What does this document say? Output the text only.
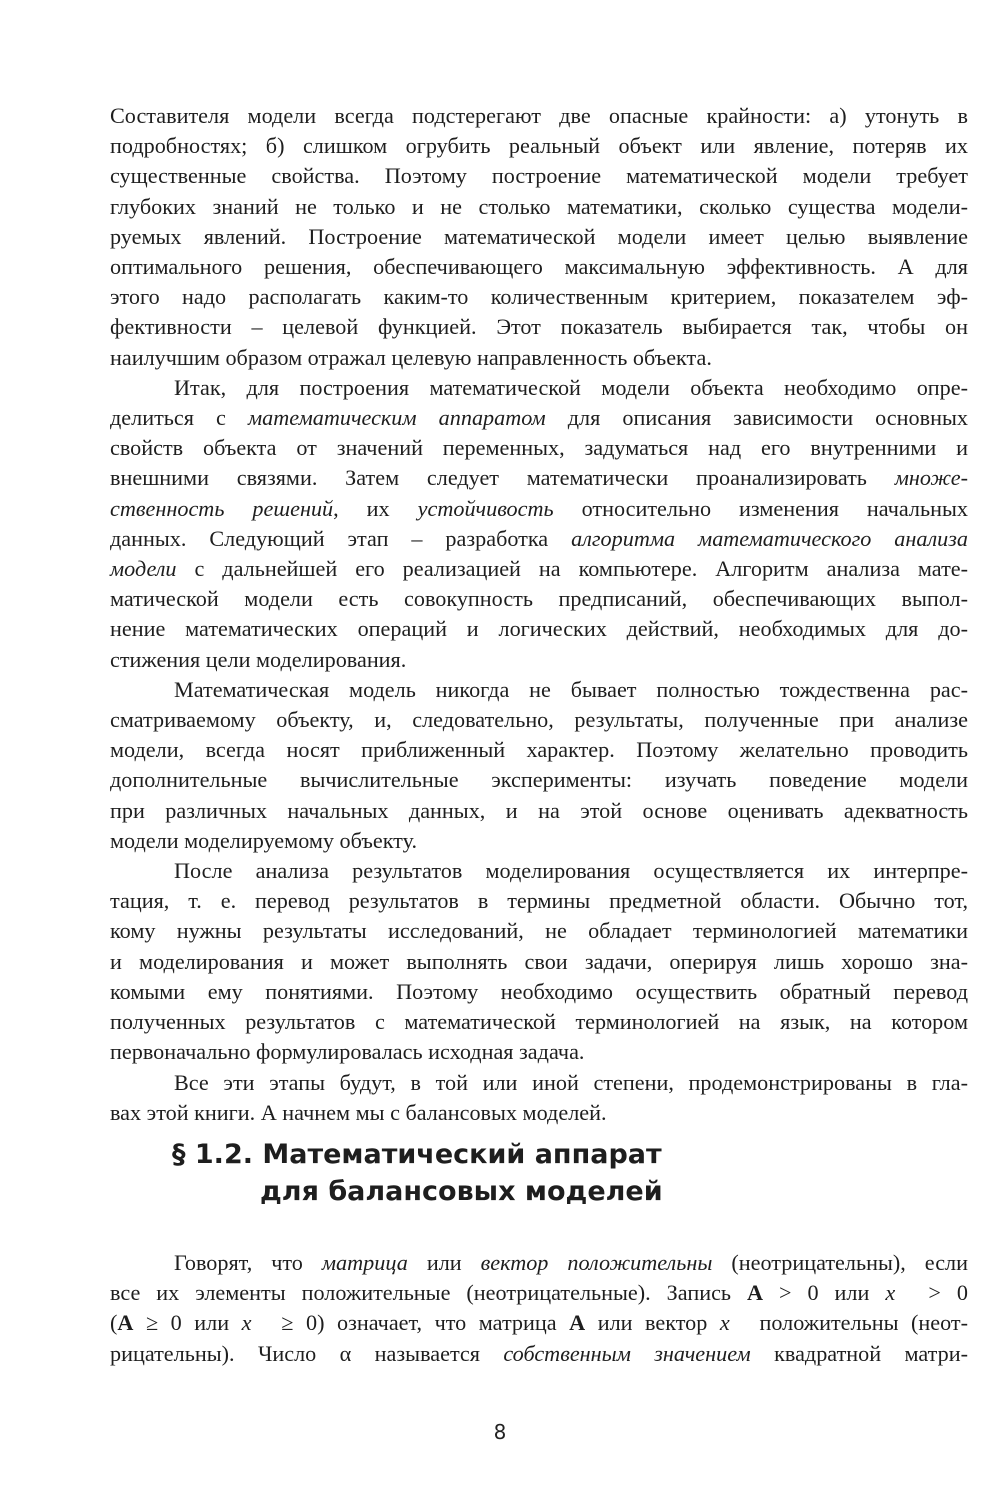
Составителя модели всегда подстерегают две опасные крайности: а) утонуть в
подробностях; б) слишком огрубить реальный объект или явление, потеряв их
существенные свойства. Поэтому построение математической модели требует
глубоких знаний не только и не столько математики, сколько существа модели-
руемых явлений. Построение математической модели имеет целью выявление
оптимального решения, обеспечивающего максимальную эффективность. А для
этого надо располагать каким-то количественным критерием, показателем эф-
фективности – целевой функцией. Этот показатель выбирается так, чтобы он
наилучшим образом отражал целевую направленность объекта.

Итак, для построения математической модели объекта необходимо опре-
делиться с математическим аппаратом для описания зависимости основных
свойств объекта от значений переменных, задуматься над его внутренними и
внешними связями. Затем следует математически проанализировать множе-
ственность решений, их устойчивость относительно изменения начальных
данных. Следующий этап – разработка алгоритма математического анализа
модели с дальнейшей его реализацией на компьютере. Алгоритм анализа мате-
матической модели есть совокупность предписаний, обеспечивающих выпол-
нение математических операций и логических действий, необходимых для до-
стижения цели моделирования.

Математическая модель никогда не бывает полностью тождественна рас-
сматриваемому объекту, и, следовательно, результаты, полученные при анализе
модели, всегда носят приближенный характер. Поэтому желательно проводить
дополнительные вычислительные эксперименты: изучать поведение модели
при различных начальных данных, и на этой основе оценивать адекватность
модели моделируемому объекту.

После анализа результатов моделирования осуществляется их интерпре-
тация, т. е. перевод результатов в термины предметной области. Обычно тот,
кому нужны результаты исследований, не обладает терминологией математики
и моделирования и может выполнять свои задачи, оперируя лишь хорошо зна-
комыми ему понятиями. Поэтому необходимо осуществить обратный перевод
полученных результатов с математической терминологией на язык, на котором
первоначально формулировалась исходная задача.

Все эти этапы будут, в той или иной степени, продемонстрированы в гла-
вах этой книги. А начнем мы с балансовых моделей.

§ 1.2. Математический аппарат
для балансовых моделей

Говорят, что матрица или вектор положительны (неотрицательны), если
все их элементы положительные (неотрицательные). Запись A > 0 или x⃗ > 0
(A ≥ 0 или x⃗ ≥ 0) означает, что матрица A или вектор x⃗ положительны (неот-
рицательны). Число α называется собственным значением квадратной матри-

8
